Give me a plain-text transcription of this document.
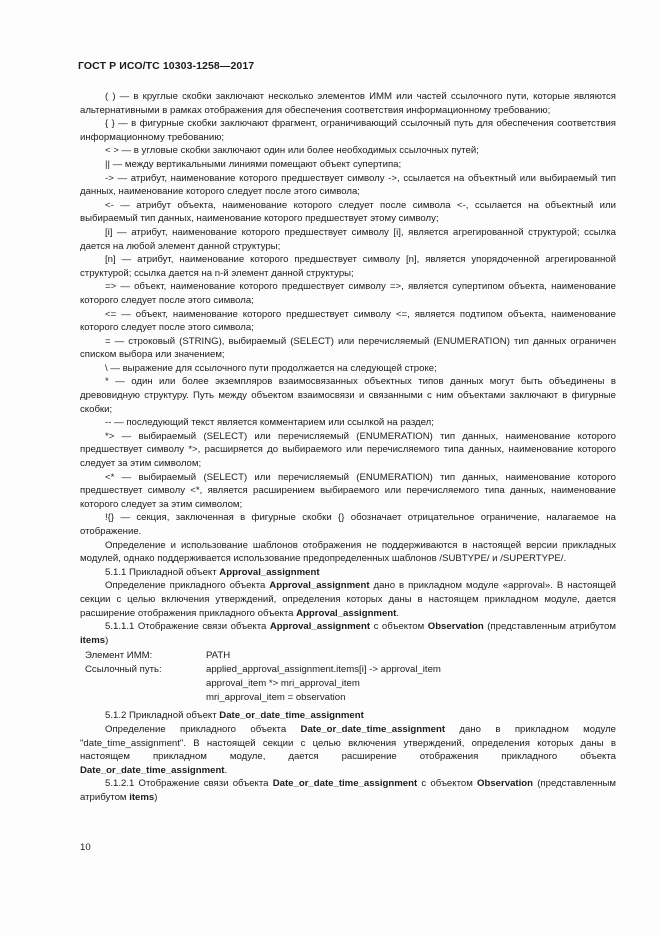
ГОСТ Р ИСО/ТС 10303-1258—2017

( ) — в круглые скобки заключают несколько элементов ИММ или частей ссылочного пути, которые являются альтернативными в рамках отображения для обеспечения соответствия информационному требованию;

{ } — в фигурные скобки заключают фрагмент, ограничивающий ссылочный путь для обеспечения соответствия информационному требованию;

< > — в угловые скобки заключают один или более необходимых ссылочных путей;

|| — между вертикальными линиями помещают объект супертипа;

-> — атрибут, наименование которого предшествует символу ->, ссылается на объектный или выбираемый тип данных, наименование которого следует после этого символа;

<- — атрибут объекта, наименование которого следует после символа <-, ссылается на объектный или выбираемый тип данных, наименование которого предшествует этому символу;

[i] — атрибут, наименование которого предшествует символу [i], является агрегированной структурой; ссылка дается на любой элемент данной структуры;

[n] — атрибут, наименование которого предшествует символу [n], является упорядоченной агрегированной структурой; ссылка дается на n-й элемент данной структуры;

=> — объект, наименование которого предшествует символу =>, является супертипом объекта, наименование которого следует после этого символа;

<= — объект, наименование которого предшествует символу <=, является подтипом объекта, наименование которого следует после этого символа;

= — строковый (STRING), выбираемый (SELECT) или перечисляемый (ENUMERATION) тип данных ограничен списком выбора или значением;

\ — выражение для ссылочного пути продолжается на следующей строке;

* — один или более экземпляров взаимосвязанных объектных типов данных могут быть объединены в древовидную структуру. Путь между объектом взаимосвязи и связанными с ним объектами заключают в фигурные скобки;

-- — последующий текст является комментарием или ссылкой на раздел;

*> — выбираемый (SELECT) или перечисляемый (ENUMERATION) тип данных, наименование которого предшествует символу *>, расширяется до выбираемого или перечисляемого типа данных, наименование которого следует за этим символом;

<* — выбираемый (SELECT) или перечисляемый (ENUMERATION) тип данных, наименование которого предшествует символу <*, является расширением выбираемого или перечисляемого типа данных, наименование которого следует за этим символом;

!{} — секция, заключенная в фигурные скобки {} обозначает отрицательное ограничение, налагаемое на отображение.

Определение и использование шаблонов отображения не поддерживаются в настоящей версии прикладных модулей, однако поддерживается использование предопределенных шаблонов /SUBTYPE/ и /SUPERTYPE/.

5.1.1 Прикладной объект Approval_assignment

Определение прикладного объекта Approval_assignment дано в прикладном модуле «approval». В настоящей секции с целью включения утверждений, определения которых даны в настоящем прикладном модуле, дается расширение отображения прикладного объекта Approval_assignment.

5.1.1.1 Отображение связи объекта Approval_assignment с объектом Observation (представленным атрибутом items)

Элемент ИММ:	PATH
Ссылочный путь:	applied_approval_assignment.items[i] -> approval_item
	approval_item *> mri_approval_item
	mri_approval_item = observation

5.1.2 Прикладной объект Date_or_date_time_assignment

Определение прикладного объекта Date_or_date_time_assignment дано в прикладном модуле "date_time_assignment". В настоящей секции с целью включения утверждений, определения которых даны в настоящем прикладном модуле, дается расширение отображения прикладного объекта Date_or_date_time_assignment.

5.1.2.1 Отображение связи объекта Date_or_date_time_assignment с объектом Observation (представленным атрибутом items)

10
